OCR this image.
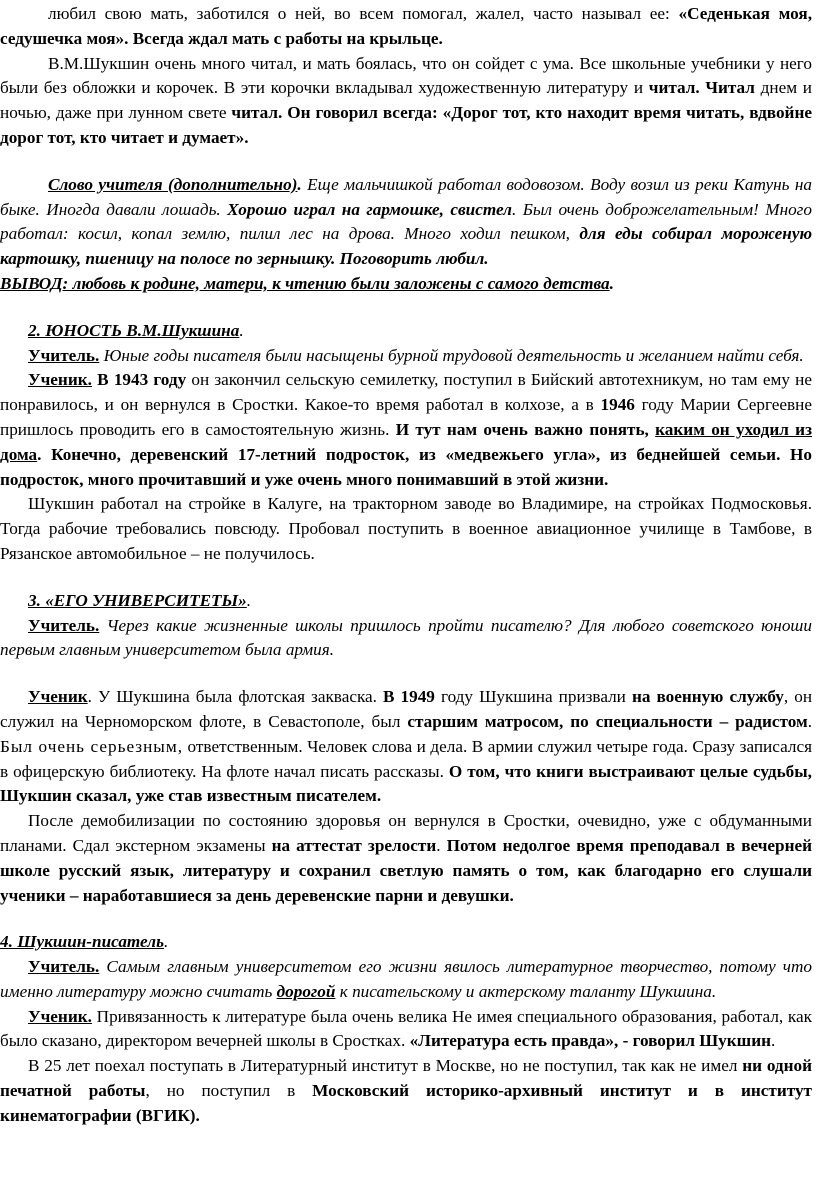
любил свою мать, заботился о ней, во всем помогал, жалел, часто называл ее: «Седенькая моя, седушечка моя». Всегда ждал мать с работы на крыльце.

В.М.Шукшин очень много читал, и мать боялась, что он сойдет с ума. Все школьные учебники у него были без обложки и корочек. В эти корочки вкладывал художественную литературу и читал. Читал днем и ночью, даже при лунном свете читал. Он говорил всегда: «Дорог тот, кто находит время читать, вдвойне дорог тот, кто читает и думает».

Слово учителя (дополнительно). Еще мальчишкой работал водовозом. Воду возил из реки Катунь на быке. Иногда давали лошадь. Хорошо играл на гармошке, свистел. Был очень доброжелательным! Много работал: косил, копал землю, пилил лес на дрова. Много ходил пешком, для еды собирал мороженую картошку, пшеницу на полосе по зернышку. Поговорить любил.

ВЫВОД: любовь к родине, матери, к чтению были заложены с самого детства.

2. ЮНОСТЬ В.М.Шукшина.

Учитель. Юные годы писателя были насыщены бурной трудовой деятельность и желанием найти себя.

Ученик. В 1943 году он закончил сельскую семилетку, поступил в Бийский автотехникум, но там ему не понравилось, и он вернулся в Сростки. Какое-то время работал в колхозе, а в 1946 году Марии Сергеевне пришлось проводить его в самостоятельную жизнь. И тут нам очень важно понять, каким он уходил из дома. Конечно, деревенский 17-летний подросток, из «медвежьего угла», из беднейшей семьи. Но подросток, много прочитавший и уже очень много понимавший в этой жизни.

Шукшин работал на стройке в Калуге, на тракторном заводе во Владимире, на стройках Подмосковья. Тогда рабочие требовались повсюду. Пробовал поступить в военное авиационное училище в Тамбове, в Рязанское автомобильное – не получилось.

3. «ЕГО УНИВЕРСИТЕТЫ».

Учитель. Через какие жизненные школы пришлось пройти писателю? Для любого советского юноши первым главным университетом была армия.

Ученик. У Шукшина была флотская закваска. В 1949 году Шукшина призвали на военную службу, он служил на Черноморском флоте, в Севастополе, был старшим матросом, по специальности – радистом. Был очень серьезным, ответственным. Человек слова и дела. В армии служил четыре года. Сразу записался в офицерскую библиотеку. На флоте начал писать рассказы. О том, что книги выстраивают целые судьбы, Шукшин сказал, уже став известным писателем.

После демобилизации по состоянию здоровья он вернулся в Сростки, очевидно, уже с обдуманными планами. Сдал экстерном экзамены на аттестат зрелости. Потом недолгое время преподавал в вечерней школе русский язык, литературу и сохранил светлую память о том, как благодарно его слушали ученики – наработавшиеся за день деревенские парни и девушки.

4. Шукшин-писатель.

Учитель. Самым главным университетом его жизни явилось литературное творчество, потому что именно литературу можно считать дорогой к писательскому и актерскому таланту Шукшина.

Ученик. Привязанность к литературе была очень велика Не имея специального образования, работал, как было сказано, директором вечерней школы в Сростках. «Литература есть правда», - говорил Шукшин.

В 25 лет поехал поступать в Литературный институт в Москве, но не поступил, так как не имел ни одной печатной работы, но поступил в Московский историко-архивный институт и в институт кинематографии (ВГИК).
